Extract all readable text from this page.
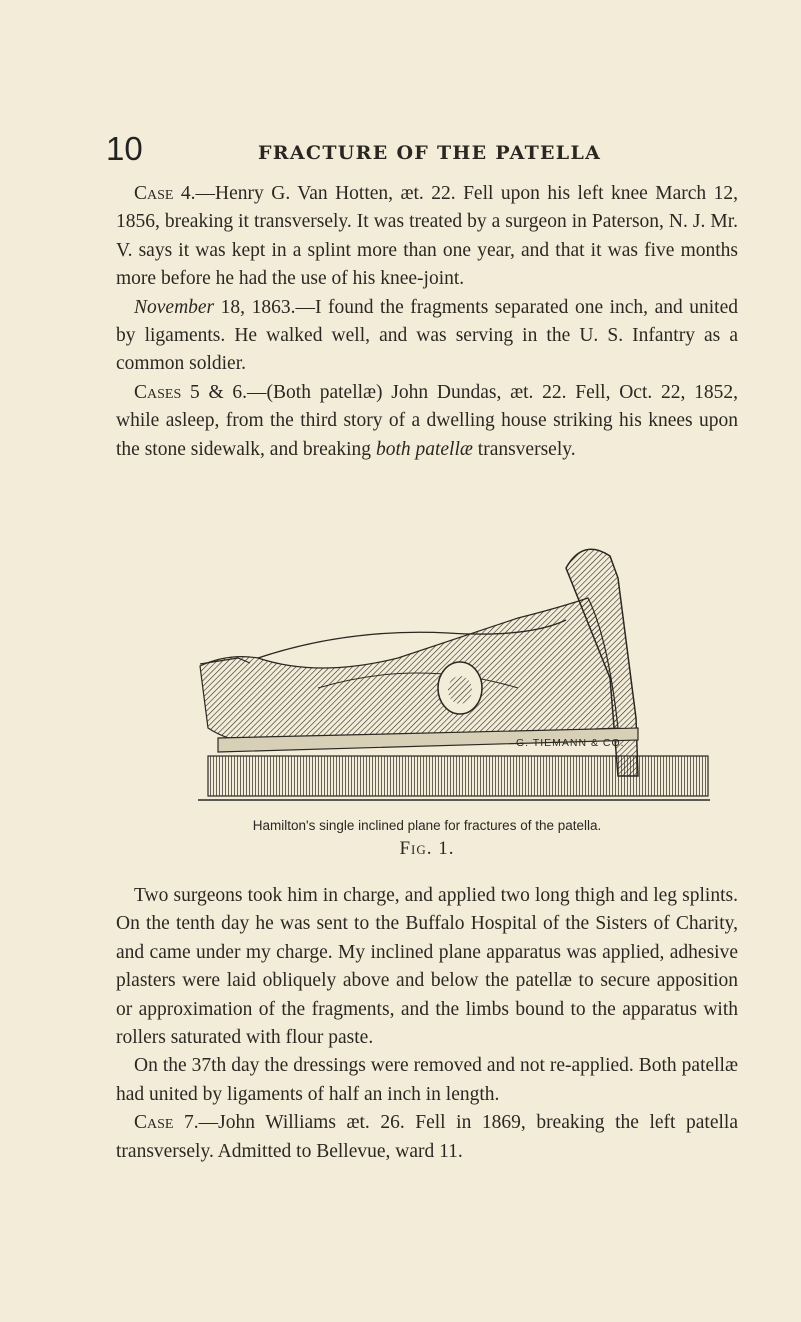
10	FRACTURE OF THE PATELLA

Case 4.—Henry G. Van Hotten, æt. 22. Fell upon his left knee March 12, 1856, breaking it transversely. It was treated by a surgeon in Paterson, N. J. Mr. V. says it was kept in a splint more than one year, and that it was five months more before he had the use of his knee-joint.

November 18, 1863.—I found the fragments separated one inch, and united by ligaments. He walked well, and was serving in the U. S. Infantry as a common soldier.

Cases 5 & 6.—(Both patellæ) John Dundas, æt. 22. Fell, Oct. 22, 1852, while asleep, from the third story of a dwelling house striking his knees upon the stone sidewalk, and breaking both patellæ transversely.

G. TIEMANN & CO.
Hamilton's single inclined plane for fractures of the patella.
Fig. 1.

Two surgeons took him in charge, and applied two long thigh and leg splints. On the tenth day he was sent to the Buffalo Hospital of the Sisters of Charity, and came under my charge. My inclined plane apparatus was applied, adhesive plasters were laid obliquely above and below the patellæ to secure apposition or approximation of the fragments, and the limbs bound to the apparatus with rollers saturated with flour paste.

On the 37th day the dressings were removed and not re-applied. Both patellæ had united by ligaments of half an inch in length.

Case 7.—John Williams æt. 26. Fell in 1869, breaking the left patella transversely. Admitted to Bellevue, ward 11.
